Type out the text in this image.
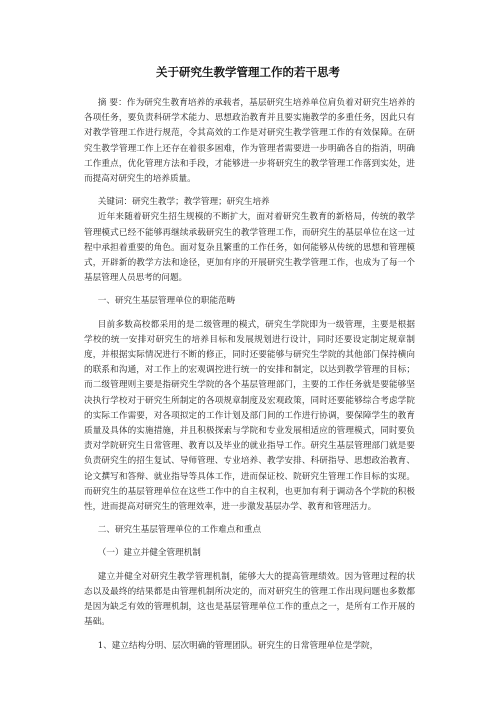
关于研究生教学管理工作的若干思考

摘 要：作为研究生教育培养的承载者，基层研究生培养单位肩负着对研究生培养的各项任务，要负责科研学术能力、思想政治教育并且要实施教学的多重任务，因此只有对教学管理工作进行规范，令其高效的工作是对研究生教学管理工作的有效保障。在研究生教学管理工作上还存在着很多困难，作为管理者需要进一步明确各自的指消，明确工作重点，优化管理方法和手段，才能够进一步将研究生的教学管理工作落到实处，进而提高对研究生的培养质量。

关键词：研究生教学；教学管理；研究生培养

近年来随着研究生招生规模的不断扩大，面对着研究生教育的新格局，传统的教学管理模式已经不能够再继续承载研究生的教学管理工作，而研究生的基层单位在这一过程中承担着重要的角色。面对复杂且繁重的工作任务，如何能够从传统的思想和管理模式，开辟新的教学方法和途径，更加有序的开展研究生教学管理工作，也成为了每一个基层管理人员思考的问题。

一、研究生基层管理单位的职能范畴

目前多数高校都采用的是二级管理的模式，研究生学院即为一级管理，主要是根据学校的统一安排对研究生的培养目标和发展规划进行设计，同时还要设定制定规章制度，并根据实际情况进行不断的修正，同时还要能够与研究生学院的其他部门保持横向的联系和沟通，对工作上的宏观调控进行统一的安排和制定，以达到教学管理的目标；而二级管理则主要是指研究生学院的各个基层管理部门，主要的工作任务就是要能够坚决执行学校对于研究生所制定的各项规章制度及宏观政策，同时还要能够综合考虑学院的实际工作需要，对各项拟定的工作计划及部门间的工作进行协调，要保障学生的教育质量及具体的实施措施，并且积极探索与学院和专业发展相适应的管理模式，同时要负责对学院研究生日常管理、教育以及毕业的就业指导工作。研究生基层管理部门就是要负责研究生的招生复试、导师管理、专业培养、教学安排、科研指导、思想政治教育、论文撰写和答辩、就业指导等具体工作，进而保证校、院研究生管理工作目标的实现。而研究生的基层管理单位在这些工作中的自主权利，也更加有利于调动各个学院的积极性，进而提高对研究生的管理效率，进一步激发基层办学、教育和管理活力。

二、研究生基层管理单位的工作难点和重点

（一）建立并健全管理机制

建立并健全对研究生教学管理机制，能够大大的提高管理绩效。因为管理过程的状态以及最终的结果都是由管理机制所决定的，而对研究生的管理工作出现问题也多数都是因为缺乏有效的管理机制，这也是基层管理单位工作的重点之一，是所有工作开展的基础。

1、建立结构分明、层次明确的管理团队。研究生的日常管理单位是学院，
